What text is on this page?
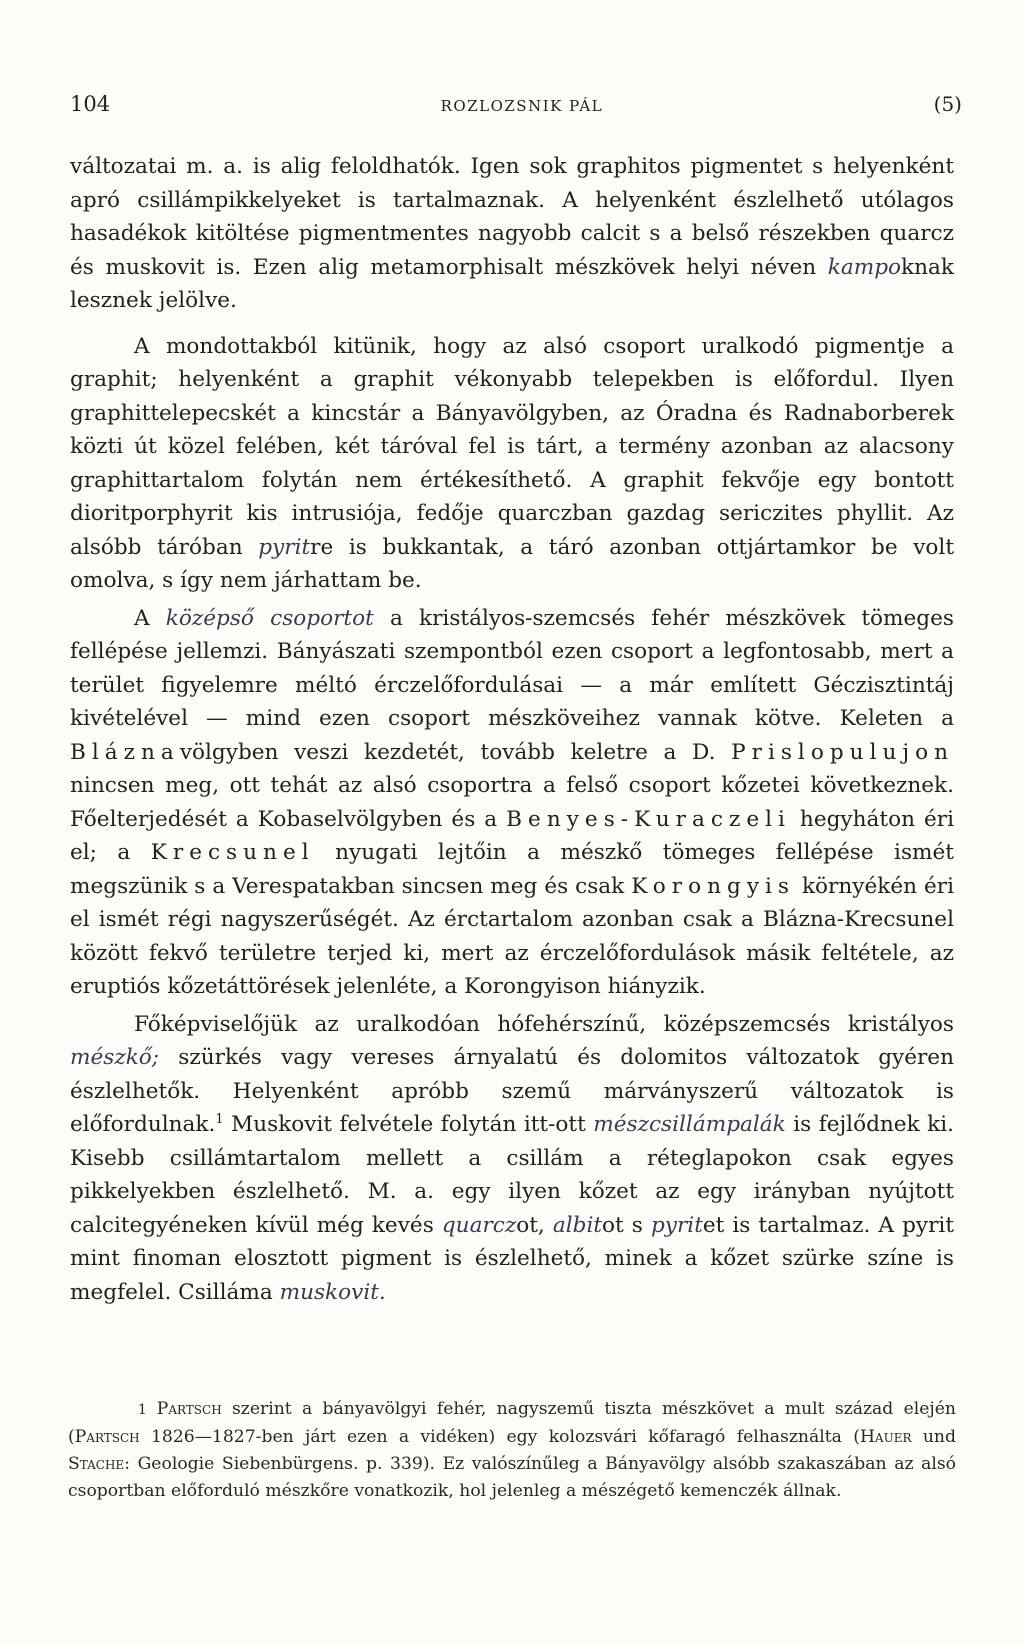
104	ROZLOZSNIK PÁL	(5)

változatai m. a. is alig feloldhatók. Igen sok graphitos pigmentet s helyenként apró csillámpikkelyeket is tartalmaznak. A helyenként észlelhető utólagos hasadékok kitöltése pigmentmentes nagyobb calcit s a belső részekben quarcz és muskovit is. Ezen alig metamorphisalt mészkövek helyi néven kampoknak lesznek jelölve.

A mondottakból kitünik, hogy az alsó csoport uralkodó pigmentje a graphit; helyenként a graphit vékonyabb telepekben is előfordul. Ilyen graphittelepecskét a kincstár a Bányavölgyben, az Óradna és Radnaborberek közti út közel felében, két táróval fel is tárt, a termény azonban az alacsony graphittartalom folytán nem értékesíthető. A graphit fekvője egy bontott dioritporphyrit kis intrusiója, fedője quarczban gazdag sericzites phyllit. Az alsóbb táróban pyritre is bukkantak, a táró azonban ottjártamkor be volt omolva, s így nem járhattam be.

A középső csoportot a kristályos-szemcsés fehér mészkövek tömeges fellépése jellemzi. Bányászati szempontból ezen csoport a legfontosabb, mert a terület figyelemre méltó érczelőfordulásai — a már említett Géczisztintáj kivételével — mind ezen csoport mészköveihez vannak kötve. Keleten a Bláznavölgyben veszi kezdetét, tovább keletre a D. Prislopulujon nincsen meg, ott tehát az alsó csoportra a felső csoport kőzetei következnek. Főelterjedését a Kobaselvölgyben és a Benyes-Kuraczeli hegyháton éri el; a Krecsunel nyugati lejtőin a mészkő tömeges fellépése ismét megszünik s a Verespatakban sincsen meg és csak Korongyis környékén éri el ismét régi nagyszerűségét. Az érctartalom azonban csak a Blázna-Krecsunel között fekvő területre terjed ki, mert az érczelőfordulások másik feltétele, az eruptiós kőzetáttörések jelenléte, a Korongyison hiányzik.

Főképviselőjük az uralkodóan hófehérszínű, középszemcsés kristályos mészkő; szürkés vagy vereses árnyalatú és dolomitos változatok gyéren észlelhetők. Helyenként apróbb szemű márványszerű változatok is előfordulnak.$^1$ Muskovit felvétele folytán itt-ott mészcsillámpalák is fejlődnek ki. Kisebb csillámtartalom mellett a csillám a réteglapokon csak egyes pikkelyekben észlelhető. M. a. egy ilyen kőzet az egy irányban nyújtott calcitegyéneken kívül még kevés quarczot, albitot s pyritet is tartalmaz. A pyrit mint finoman elosztott pigment is észlelhető, minek a kőzet szürke színe is megfelel. Csillámа muskovit.

1 Partsch szerint a bányavölgyi fehér, nagyszemű tiszta mészkövet a mult század elején (Partsch 1826—1827-ben járt ezen a vidéken) egy kolozsvári kőfaragó felhasználta (Hauer und Stache: Geologie Siebenbürgens. p. 339). Ez valószínűleg a Bányavölgy alsóbb szakaszában az alsó csoportban előforduló mészkőre vonatkozik, hol jelenleg a mészégető kemenczék állnak.
